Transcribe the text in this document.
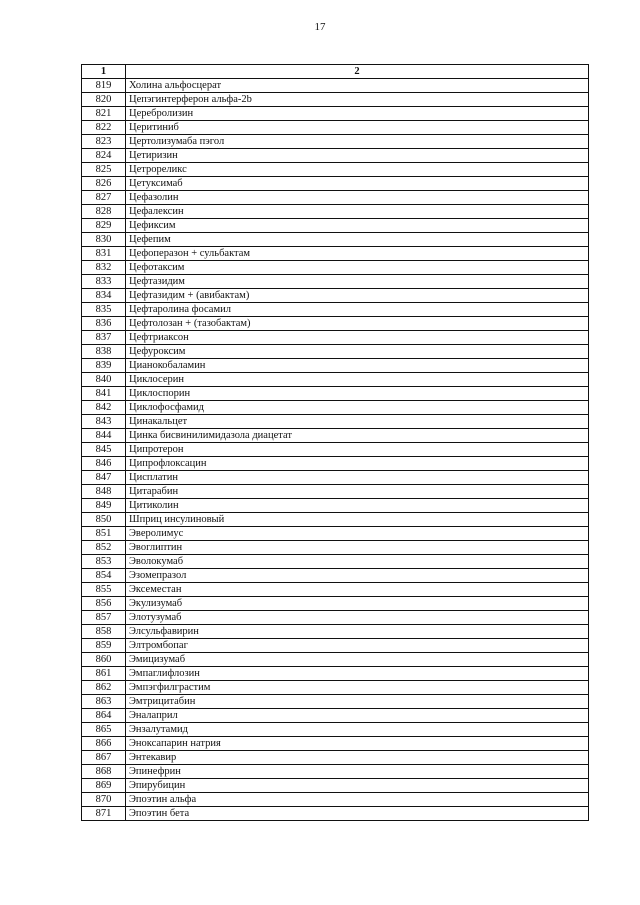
17
1	2
819	Холина альфосцерат
820	Цепэгинтерферон альфа-2b
821	Церебролизин
822	Церитиниб
823	Цертолизумаба пэгол
824	Цетиризин
825	Цетрореликс
826	Цетуксимаб
827	Цефазолин
828	Цефалексин
829	Цефиксим
830	Цефепим
831	Цефоперазон + сульбактам
832	Цефотаксим
833	Цефтазидим
834	Цефтазидим + (авибактам)
835	Цефтаролина фосамил
836	Цефтолозан + (тазобактам)
837	Цефтриаксон
838	Цефуроксим
839	Цианокобаламин
840	Циклосерин
841	Циклоспорин
842	Циклофосфамид
843	Цинакальцет
844	Цинка бисвинилимидазола диацетат
845	Ципротерон
846	Ципрофлоксацин
847	Цисплатин
848	Цитарабин
849	Цитиколин
850	Шприц инсулиновый
851	Эверолимус
852	Эвоглиптин
853	Эволокумаб
854	Эзомепразол
855	Эксеместан
856	Экулизумаб
857	Элотузумаб
858	Элсульфавирин
859	Элтромбопаг
860	Эмицизумаб
861	Эмпаглифлозин
862	Эмпэгфилграстим
863	Эмтрицитабин
864	Эналаприл
865	Энзалутамид
866	Эноксапарин натрия
867	Энтекавир
868	Эпинефрин
869	Эпирубицин
870	Эпоэтин альфа
871	Эпоэтин бета
